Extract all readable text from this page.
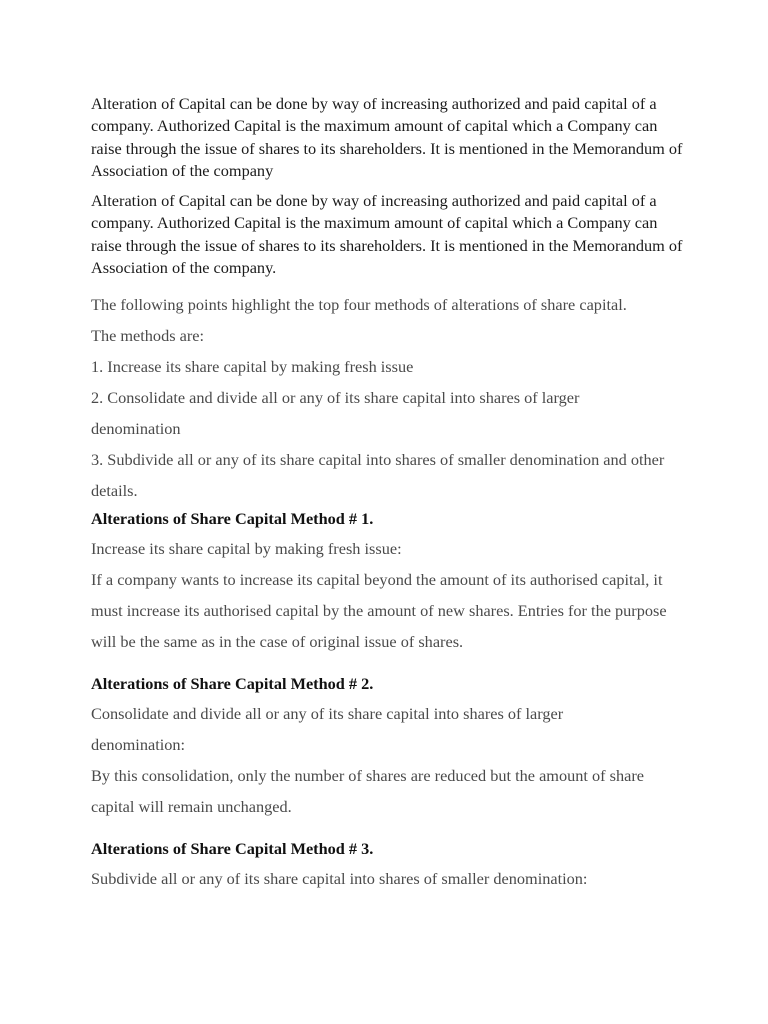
Alteration of Capital can be done by way of increasing authorized and paid capital of a company. Authorized Capital is the maximum amount of capital which a Company can raise through the issue of shares to its shareholders. It is mentioned in the Memorandum of Association of the company

Alteration of Capital can be done by way of increasing authorized and paid capital of a company. Authorized Capital is the maximum amount of capital which a Company can raise through the issue of shares to its shareholders. It is mentioned in the Memorandum of Association of the company.

The following points highlight the top four methods of alterations of share capital.

The methods are:

1. Increase its share capital by making fresh issue

2. Consolidate and divide all or any of its share capital into shares of larger denomination

3. Subdivide all or any of its share capital into shares of smaller denomination and other details.

Alterations of Share Capital Method # 1.

Increase its share capital by making fresh issue:

If a company wants to increase its capital beyond the amount of its authorised capital, it must increase its authorised capital by the amount of new shares. Entries for the purpose will be the same as in the case of original issue of shares.

Alterations of Share Capital Method # 2.

Consolidate and divide all or any of its share capital into shares of larger denomination:

By this consolidation, only the number of shares are reduced but the amount of share capital will remain unchanged.

Alterations of Share Capital Method # 3.

Subdivide all or any of its share capital into shares of smaller denomination:
